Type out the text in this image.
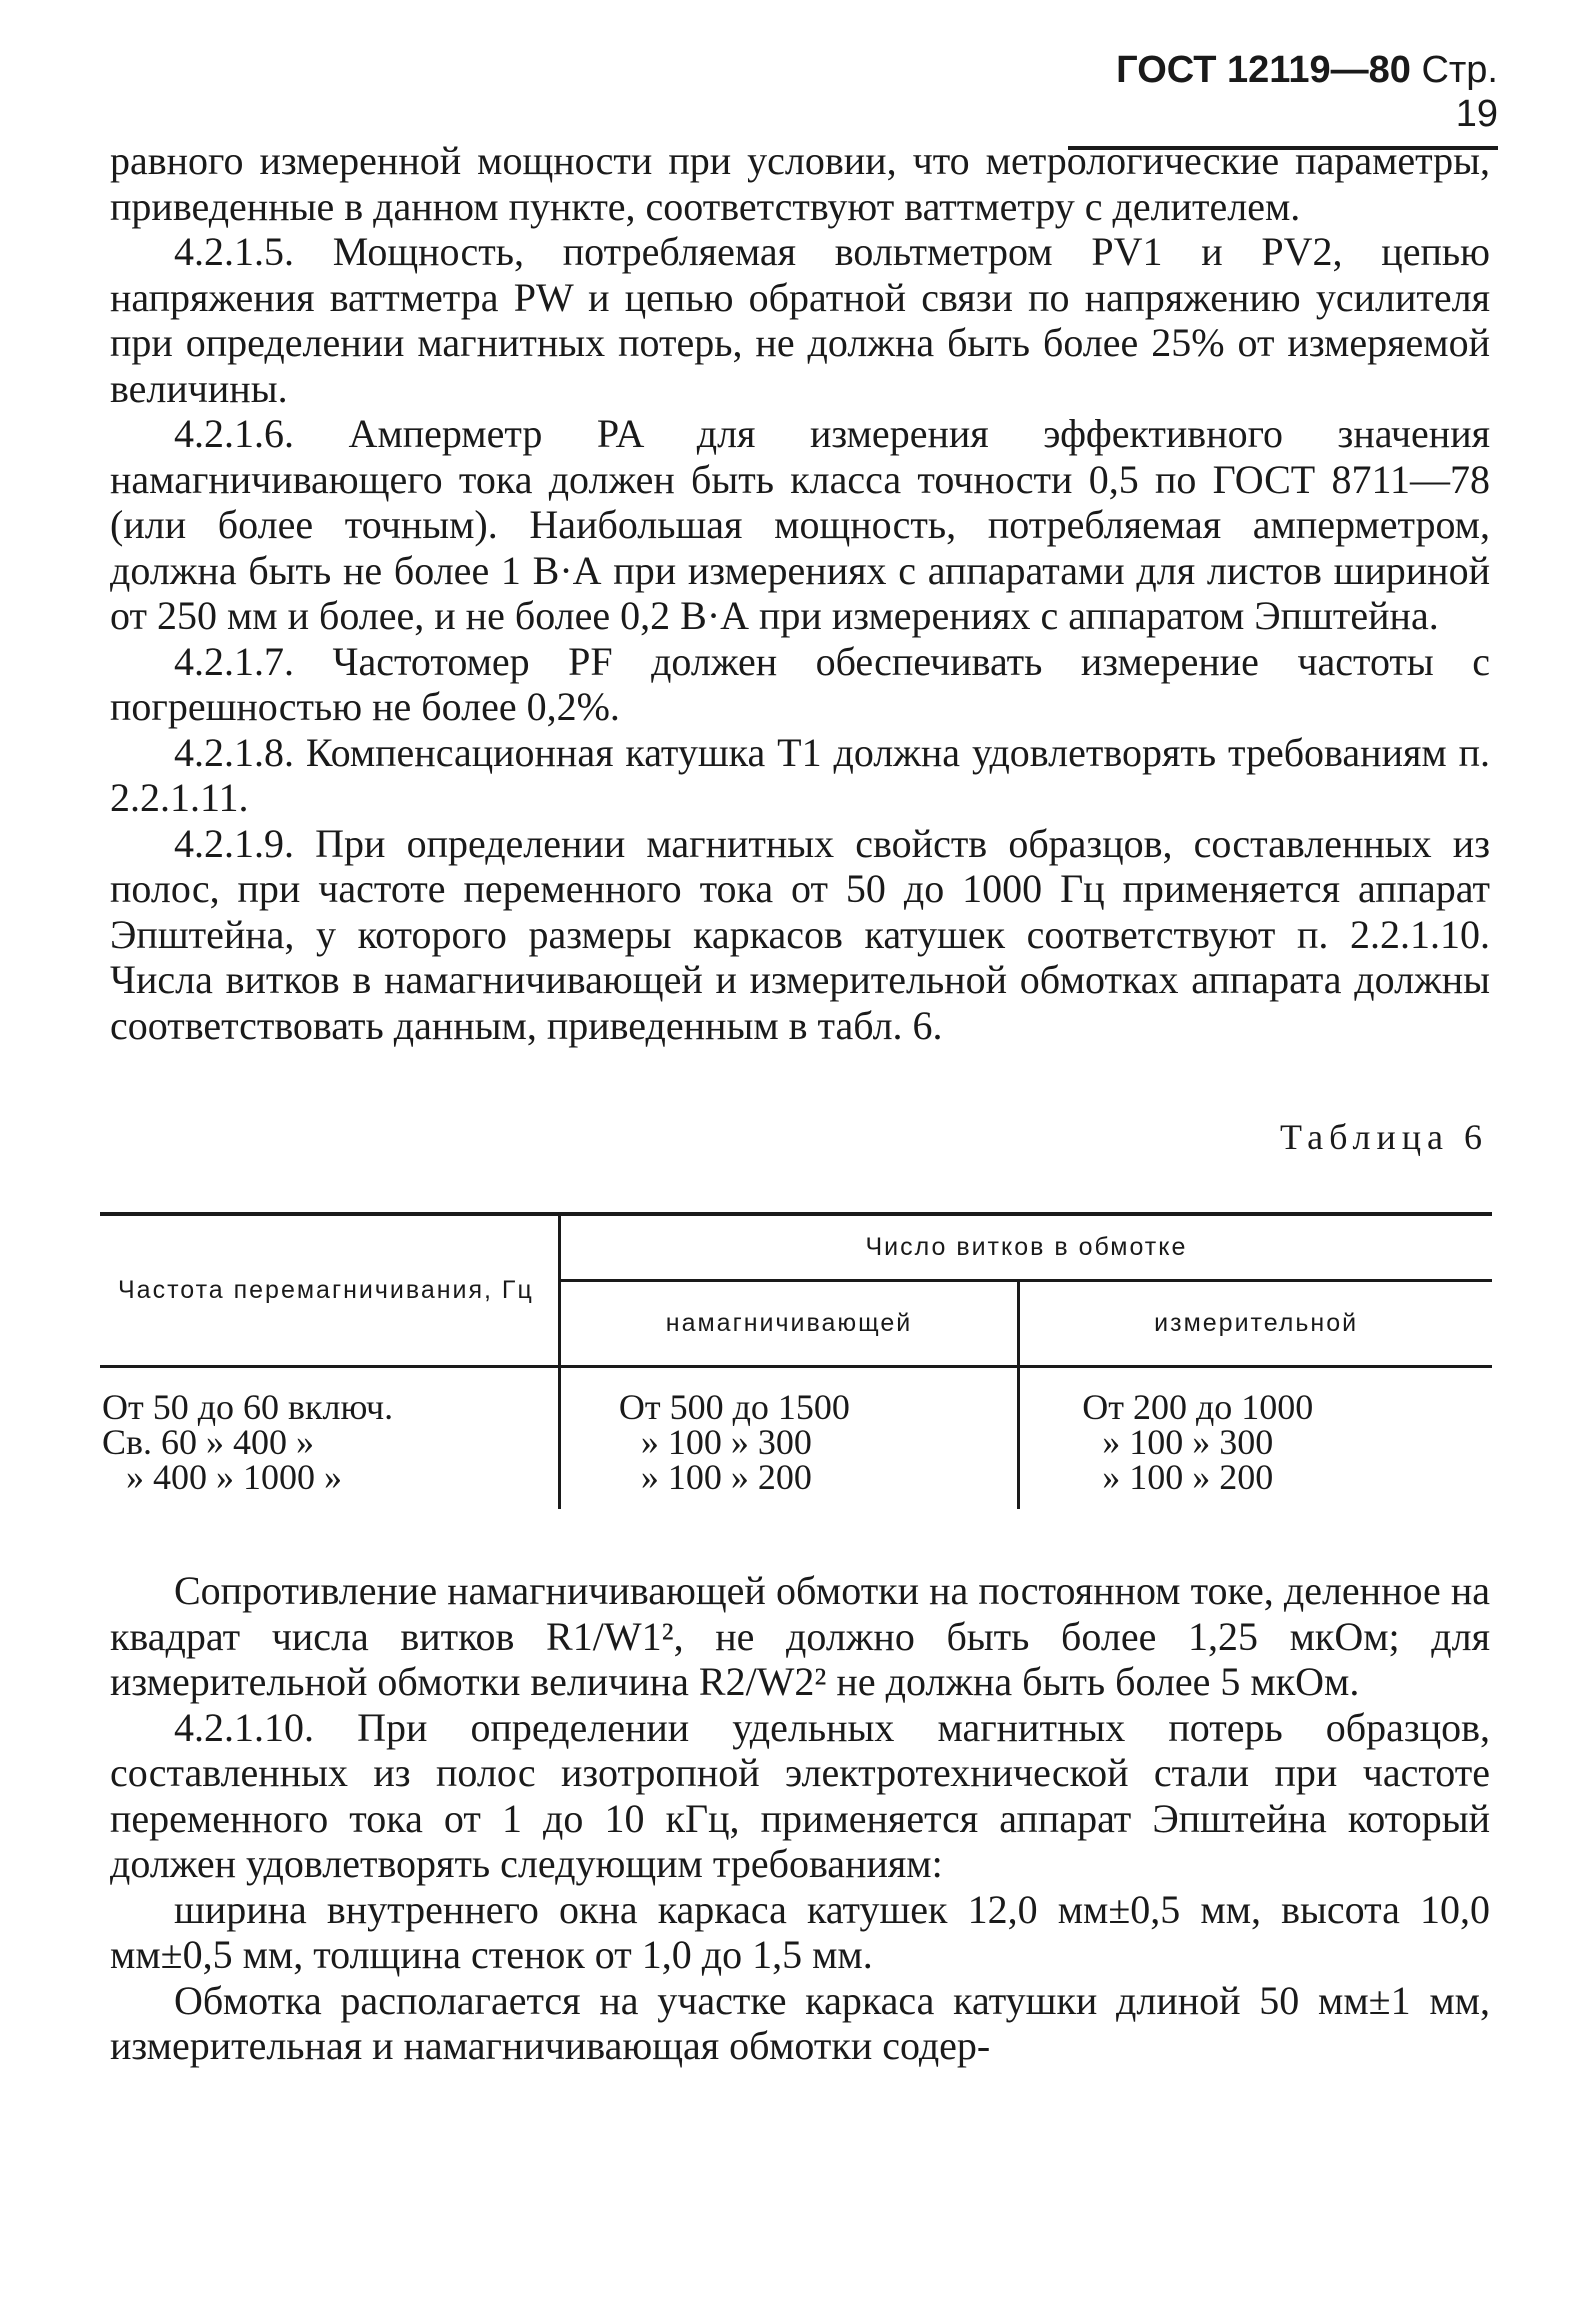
ГОСТ 12119—80 Стр. 19

равного измеренной мощности при условии, что метрологические параметры, приведенные в данном пункте, соответствуют ваттметру с делителем.

4.2.1.5. Мощность, потребляемая вольтметром PV1 и PV2, цепью напряжения ваттметра PW и цепью обратной связи по напряжению усилителя при определении магнитных потерь, не должна быть более 25% от измеряемой величины.

4.2.1.6. Амперметр PA для измерения эффективного значения намагничивающего тока должен быть класса точности 0,5 по ГОСТ 8711—78 (или более точным). Наибольшая мощность, потребляемая амперметром, должна быть не более 1 В·А при измерениях с аппаратами для листов шириной от 250 мм и более, и не более 0,2 В·А при измерениях с аппаратом Эпштейна.

4.2.1.7. Частотомер PF должен обеспечивать измерение частоты с погрешностью не более 0,2%.

4.2.1.8. Компенсационная катушка T1 должна удовлетворять требованиям п. 2.2.1.11.

4.2.1.9. При определении магнитных свойств образцов, составленных из полос, при частоте переменного тока от 50 до 1000 Гц применяется аппарат Эпштейна, у которого размеры каркасов катушек соответствуют п. 2.2.1.10. Числа витков в намагничивающей и измерительной обмотках аппарата должны соответствовать данным, приведенным в табл. 6.

Таблица 6
Частота перемагничивания, Гц	Число витков в обмотке	
	намагничивающей	измерительной

От 50 до 60 включ.	От 500 до 1500	От 200 до 1000
Св. 60 » 400 »	» 100 » 300	» 100 » 300
» 400 » 1000 »	» 100 » 200	» 100 » 200

Сопротивление намагничивающей обмотки на постоянном токе, деленное на квадрат числа витков R1/W1², не должно быть более 1,25 мкОм; для измерительной обмотки величина R2/W2² не должна быть более 5 мкОм.

4.2.1.10. При определении удельных магнитных потерь образцов, составленных из полос изотропной электротехнической стали при частоте переменного тока от 1 до 10 кГц, применяется аппарат Эпштейна который должен удовлетворять следующим требованиям:

ширина внутреннего окна каркаса катушек 12,0 мм±0,5 мм, высота 10,0 мм±0,5 мм, толщина стенок от 1,0 до 1,5 мм.

Обмотка располагается на участке каркаса катушки длиной 50 мм±1 мм, измерительная и намагничивающая обмотки содер-
